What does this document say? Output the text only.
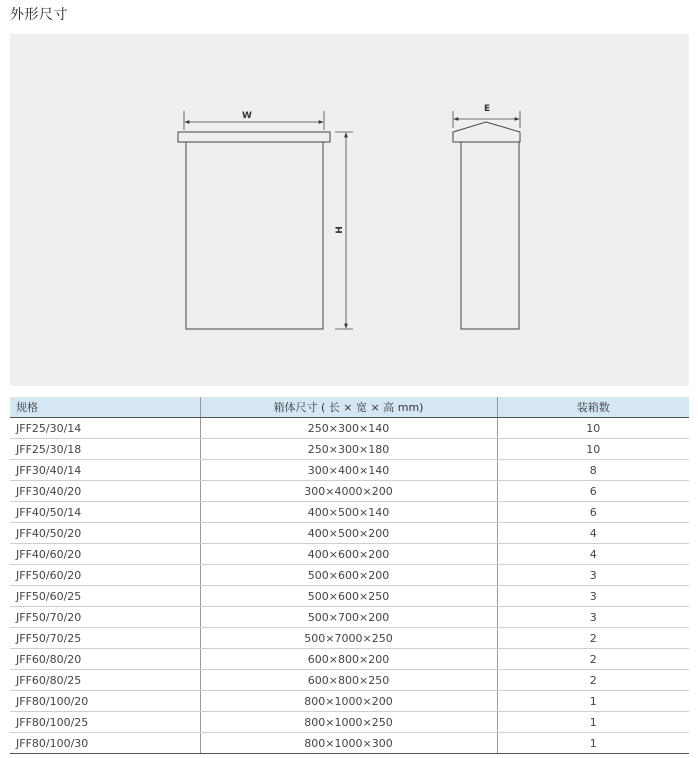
外形尺寸
W
H
E
规格	箱体尺寸 ( 长 × 宽 × 高 mm)	装箱数
JFF25/30/14	250×300×140	10
JFF25/30/18	250×300×180	10
JFF30/40/14	300×400×140	8
JFF30/40/20	300×4000×200	6
JFF40/50/14	400×500×140	6
JFF40/50/20	400×500×200	4
JFF40/60/20	400×600×200	4
JFF50/60/20	500×600×200	3
JFF50/60/25	500×600×250	3
JFF50/70/20	500×700×200	3
JFF50/70/25	500×7000×250	2
JFF60/80/20	600×800×200	2
JFF60/80/25	600×800×250	2
JFF80/100/20	800×1000×200	1
JFF80/100/25	800×1000×250	1
JFF80/100/30	800×1000×300	1
